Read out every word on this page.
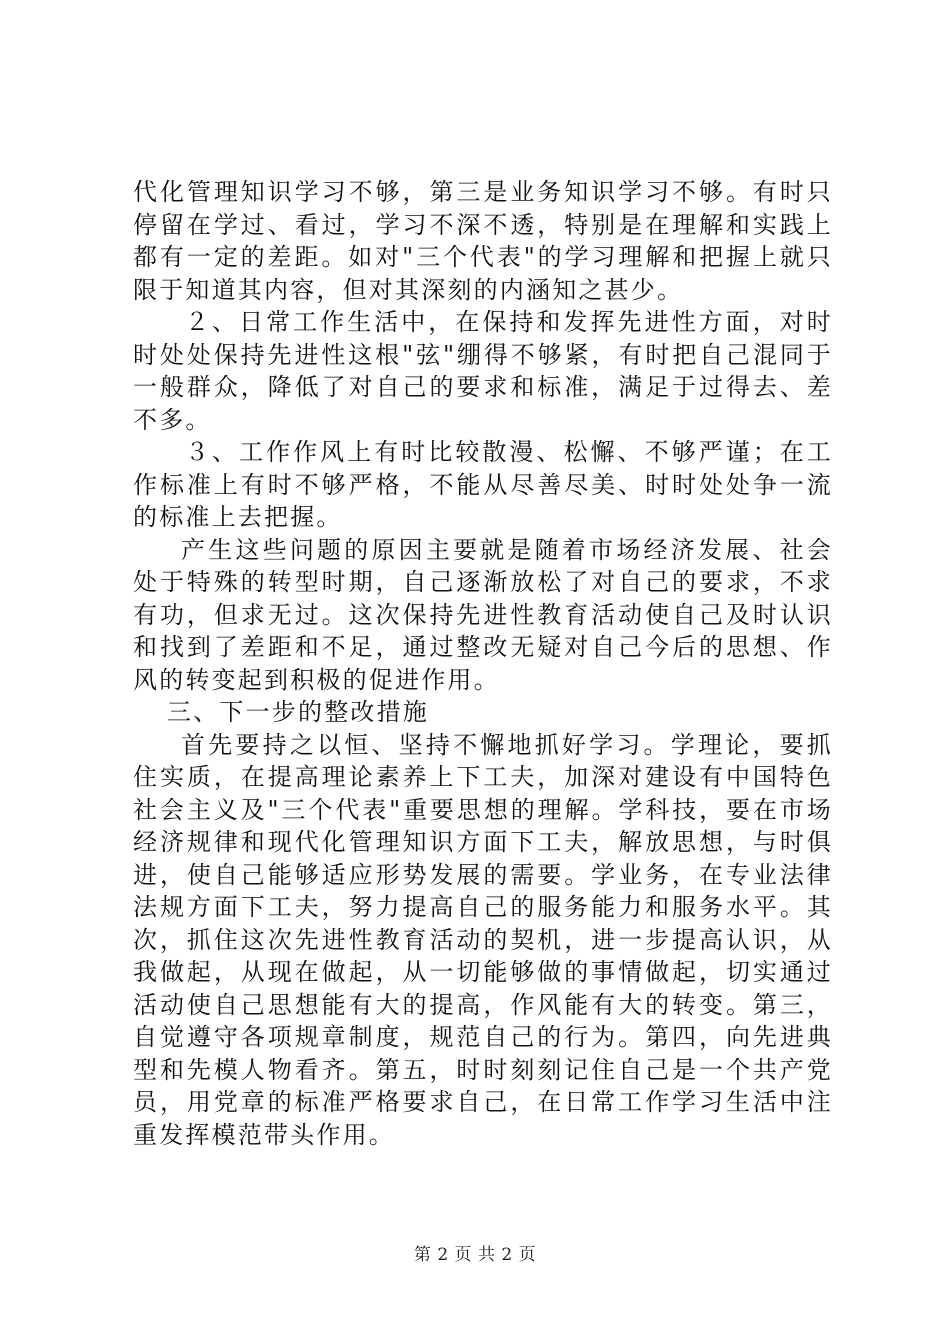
代化管理知识学习不够，第三是业务知识学习不够。有时只停留在学过、看过，学习不深不透，特别是在理解和实践上都有一定的差距。如对"三个代表"的学习理解和把握上就只限于知道其内容，但对其深刻的内涵知之甚少。

２、日常工作生活中，在保持和发挥先进性方面，对时时处处保持先进性这根"弦"绷得不够紧，有时把自己混同于一般群众，降低了对自己的要求和标准，满足于过得去、差不多。

３、工作作风上有时比较散漫、松懈、不够严谨；在工作标准上有时不够严格，不能从尽善尽美、时时处处争一流的标准上去把握。

产生这些问题的原因主要就是随着市场经济发展、社会处于特殊的转型时期，自己逐渐放松了对自己的要求，不求有功，但求无过。这次保持先进性教育活动使自己及时认识和找到了差距和不足，通过整改无疑对自己今后的思想、作风的转变起到积极的促进作用。

三、下一步的整改措施

首先要持之以恒、坚持不懈地抓好学习。学理论，要抓住实质，在提高理论素养上下工夫，加深对建设有中国特色社会主义及"三个代表"重要思想的理解。学科技，要在市场经济规律和现代化管理知识方面下工夫，解放思想，与时俱进，使自己能够适应形势发展的需要。学业务，在专业法律法规方面下工夫，努力提高自己的服务能力和服务水平。其次，抓住这次先进性教育活动的契机，进一步提高认识，从我做起，从现在做起，从一切能够做的事情做起，切实通过活动使自己思想能有大的提高，作风能有大的转变。第三，自觉遵守各项规章制度，规范自己的行为。第四，向先进典型和先模人物看齐。第五，时时刻刻记住自己是一个共产党员，用党章的标准严格要求自己，在日常工作学习生活中注重发挥模范带头作用。

第 2 页 共 2 页
